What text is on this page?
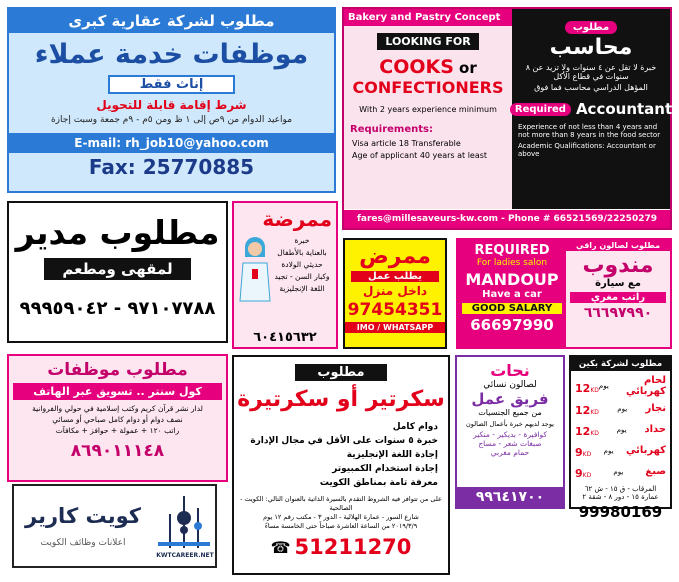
مطلوب لشركة عقارية كبرى
موظفات خدمة عملاء
إناث فقط
شرط إقامة قابلة للتحويل
مواعيد الدوام من ٩ص إلى ١ ظ ومن ٥م - ٩م جمعة وسبت إجازة
E-mail: rh_job10@yahoo.com
Fax: 25770885
Bakery and Pastry Concept
LOOKING FOR
COOKS or
CONFECTIONERS
With 2 years experience minimum
Requirements:
Visa article 18 Transferable
Age of applicant 40 years at least
مطلوب
محاسب
خبرة لا تقل عن ٤ سنوات ولا تزيد عن ٨ سنوات في قطاع الأكل
المؤهل الدراسي محاسب فما فوق
Required Accountant
Experience of not less than 4 years and not more than 8 years in the food sector
Academic Qualifications: Accountant or above
fares@millesaveurs-kw.com - Phone # 66521569/22250279
مطلوب مدير
لمقهى ومطعم
٩٧١٠٧٧٨٨ - ٩٩٩٥٩٠٤٢
ممرضة
خبرة
بالعناية بالأطفال
حديثي الولادة
وكبار السن - تجيد
اللغة الإنجليزية
٦٠٤١٥٦٣٢
ممرض
يطلب عمل
داخل منزل
97454351
IMO / WHATSAPP
REQUIRED
For ladies salon
MANDOUP
Have a car
GOOD SALARY
66697990
مطلوب لصالون راقي
مندوب
مع سيارة
راتب مغري
٦٦٦٩٧٩٩٠
مطلوب موظفات
كول سنتر .. تسويق عبر الهاتف
لدار نشر قرآن كريم وكتب إسلامية في حولي والفروانية
نصف دوام أو دوام كامل صباحي أو مسائي
راتب ١٢٠ + عمولة + حوافز + مكافآت
٨٦٩٠١١١٤٨
مطلوب
سكرتير أو سكرتيرة
دوام كامل
خبرة ٥ سنوات على الأقل في مجال الإدارة
إجادة اللغة الإنجليزية
إجادة استخدام الكمبيوتر
معرفة تامة بمناطق الكويت
على من تتوافر فيه الشروط التقدم بالسيرة الذاتية بالعنوان التالي: الكويت - الصالحية
شارع السور - عمارة الهلالية - الدور ٣ - مكتب رقم ١٢ يوم
٢٠١٩/٣/٩ من الساعة العاشرة صباحاً حتى الخامسة مساءً
☎ 51211270
نحات
لصالون نسائي
فريق عمل
من جميع الجنسيات
يوجد لديهم خبرة بأعمال الصالون
كوافيرة - بديكير - منكير
صبغات شعر - مساج
حمام مغربي
٩٩٦٤١٧٠٠
مطلوب لشركة بكين
لحام كهربائي
يوم
12KD
نجار
يوم
12KD
حداد
يوم
12KD
كهربائي
يوم
9KD
صبغ
يوم
9KD
المرقاب - ق ١٥ - ش ٦٢
عمارة ١٥ - دور ٨ - شقة ٢
99980169
كويت كارير
اعلانات وظائف الكويت
KWTCAREER.NET
